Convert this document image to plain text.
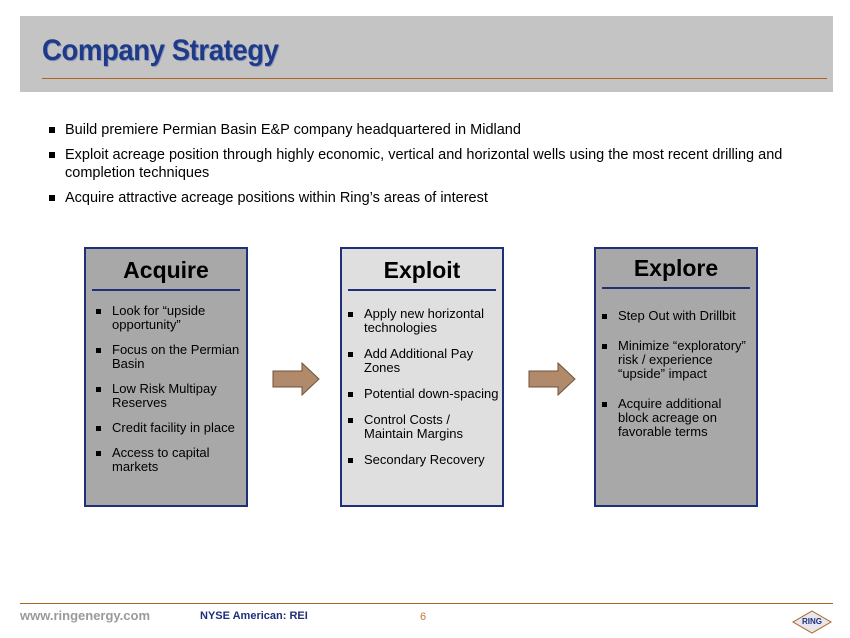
Company Strategy
Build premiere Permian Basin E&P company headquartered in Midland
Exploit acreage position through highly economic, vertical and horizontal wells using the most recent drilling and completion techniques
Acquire attractive acreage positions within Ring’s areas of interest
Acquire
Look for “upside opportunity”
Focus on the Permian Basin
Low Risk Multipay Reserves
Credit facility in place
Access to capital markets
Exploit
Apply new horizontal technologies
Add Additional Pay Zones
Potential down-spacing
Control Costs / Maintain Margins
Secondary Recovery
Explore
Step Out with Drillbit
Minimize “exploratory” risk / experience “upside” impact
Acquire additional block acreage on favorable terms
www.ringenergy.com	NYSE American: REI	6	RING
